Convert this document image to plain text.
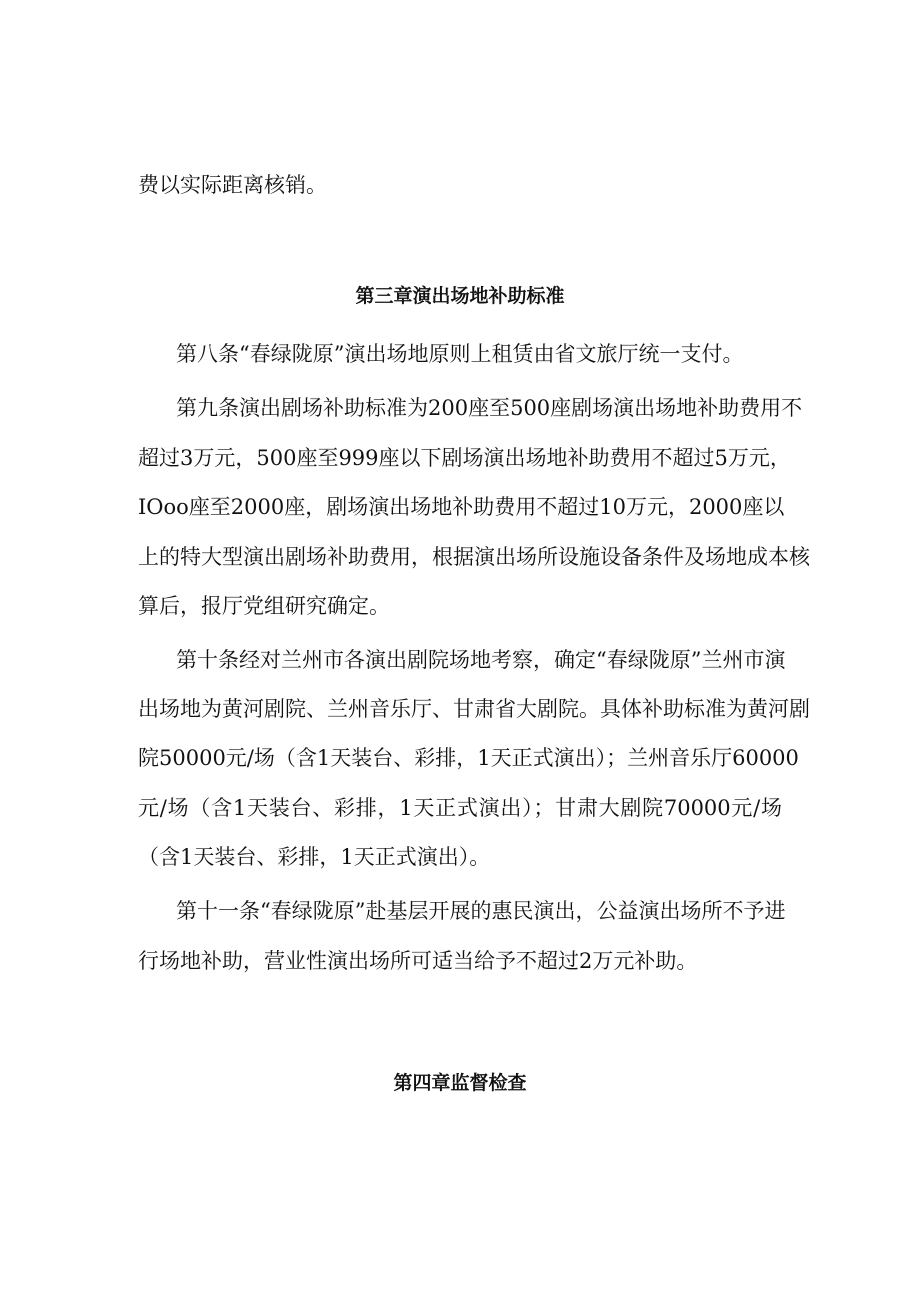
费以实际距离核销。
第三章演出场地补助标准
第八条“春绿陇原”演出场地原则上租赁由省文旅厅统一支付。
第九条演出剧场补助标准为200座至500座剧场演出场地补助费用不
超过3万元，500座至999座以下剧场演出场地补助费用不超过5万元，
IOoo座至2000座，剧场演出场地补助费用不超过10万元，2000座以
上的特大型演出剧场补助费用，根据演出场所设施设备条件及场地成本核
算后，报厅党组研究确定。
第十条经对兰州市各演出剧院场地考察，确定“春绿陇原”兰州市演
出场地为黄河剧院、兰州音乐厅、甘肃省大剧院。具体补助标准为黄河剧
院50000元/场（含1天装台、彩排，1天正式演出）；兰州音乐厅60000
元/场（含1天装台、彩排，1天正式演出）；甘肃大剧院70000元/场
（含1天装台、彩排，1天正式演出）。
第十一条“春绿陇原”赴基层开展的惠民演出，公益演出场所不予进
行场地补助，营业性演出场所可适当给予不超过2万元补助。
第四章监督检查
